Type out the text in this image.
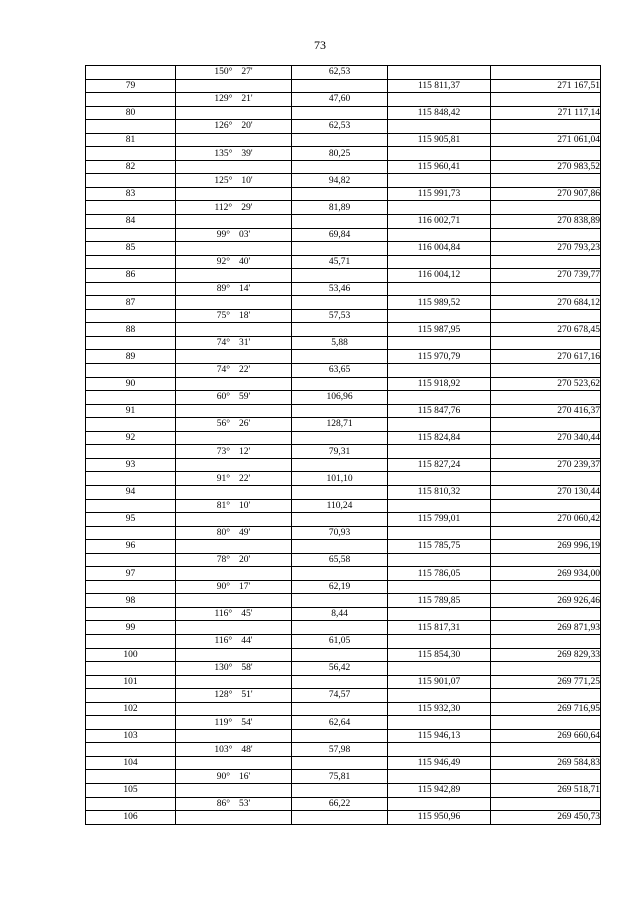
73
	150° 27'	62,53		
79			115 811,37	271 167,51
	129° 21'	47,60		
80			115 848,42	271 117,14
	126° 20'	62,53		
81			115 905,81	271 061,04
	135° 39'	80,25		
82			115 960,41	270 983,52
	125° 10'	94,82		
83			115 991,73	270 907,86
	112° 29'	81,89		
84			116 002,71	270 838,89
	99° 03'	69,84		
85			116 004,84	270 793,23
	92° 40'	45,71		
86			116 004,12	270 739,77
	89° 14'	53,46		
87			115 989,52	270 684,12
	75° 18'	57,53		
88			115 987,95	270 678,45
	74° 31'	5,88		
89			115 970,79	270 617,16
	74° 22'	63,65		
90			115 918,92	270 523,62
	60° 59'	106,96		
91			115 847,76	270 416,37
	56° 26'	128,71		
92			115 824,84	270 340,44
	73° 12'	79,31		
93			115 827,24	270 239,37
	91° 22'	101,10		
94			115 810,32	270 130,44
	81° 10'	110,24		
95			115 799,01	270 060,42
	80° 49'	70,93		
96			115 785,75	269 996,19
	78° 20'	65,58		
97			115 786,05	269 934,00
	90° 17'	62,19		
98			115 789,85	269 926,46
	116° 45'	8,44		
99			115 817,31	269 871,93
	116° 44'	61,05		
100			115 854,30	269 829,33
	130° 58'	56,42		
101			115 901,07	269 771,25
	128° 51'	74,57		
102			115 932,30	269 716,95
	119° 54'	62,64		
103			115 946,13	269 660,64
	103° 48'	57,98		
104			115 946,49	269 584,83
	90° 16'	75,81		
105			115 942,89	269 518,71
	86° 53'	66,22		
106			115 950,96	269 450,73
